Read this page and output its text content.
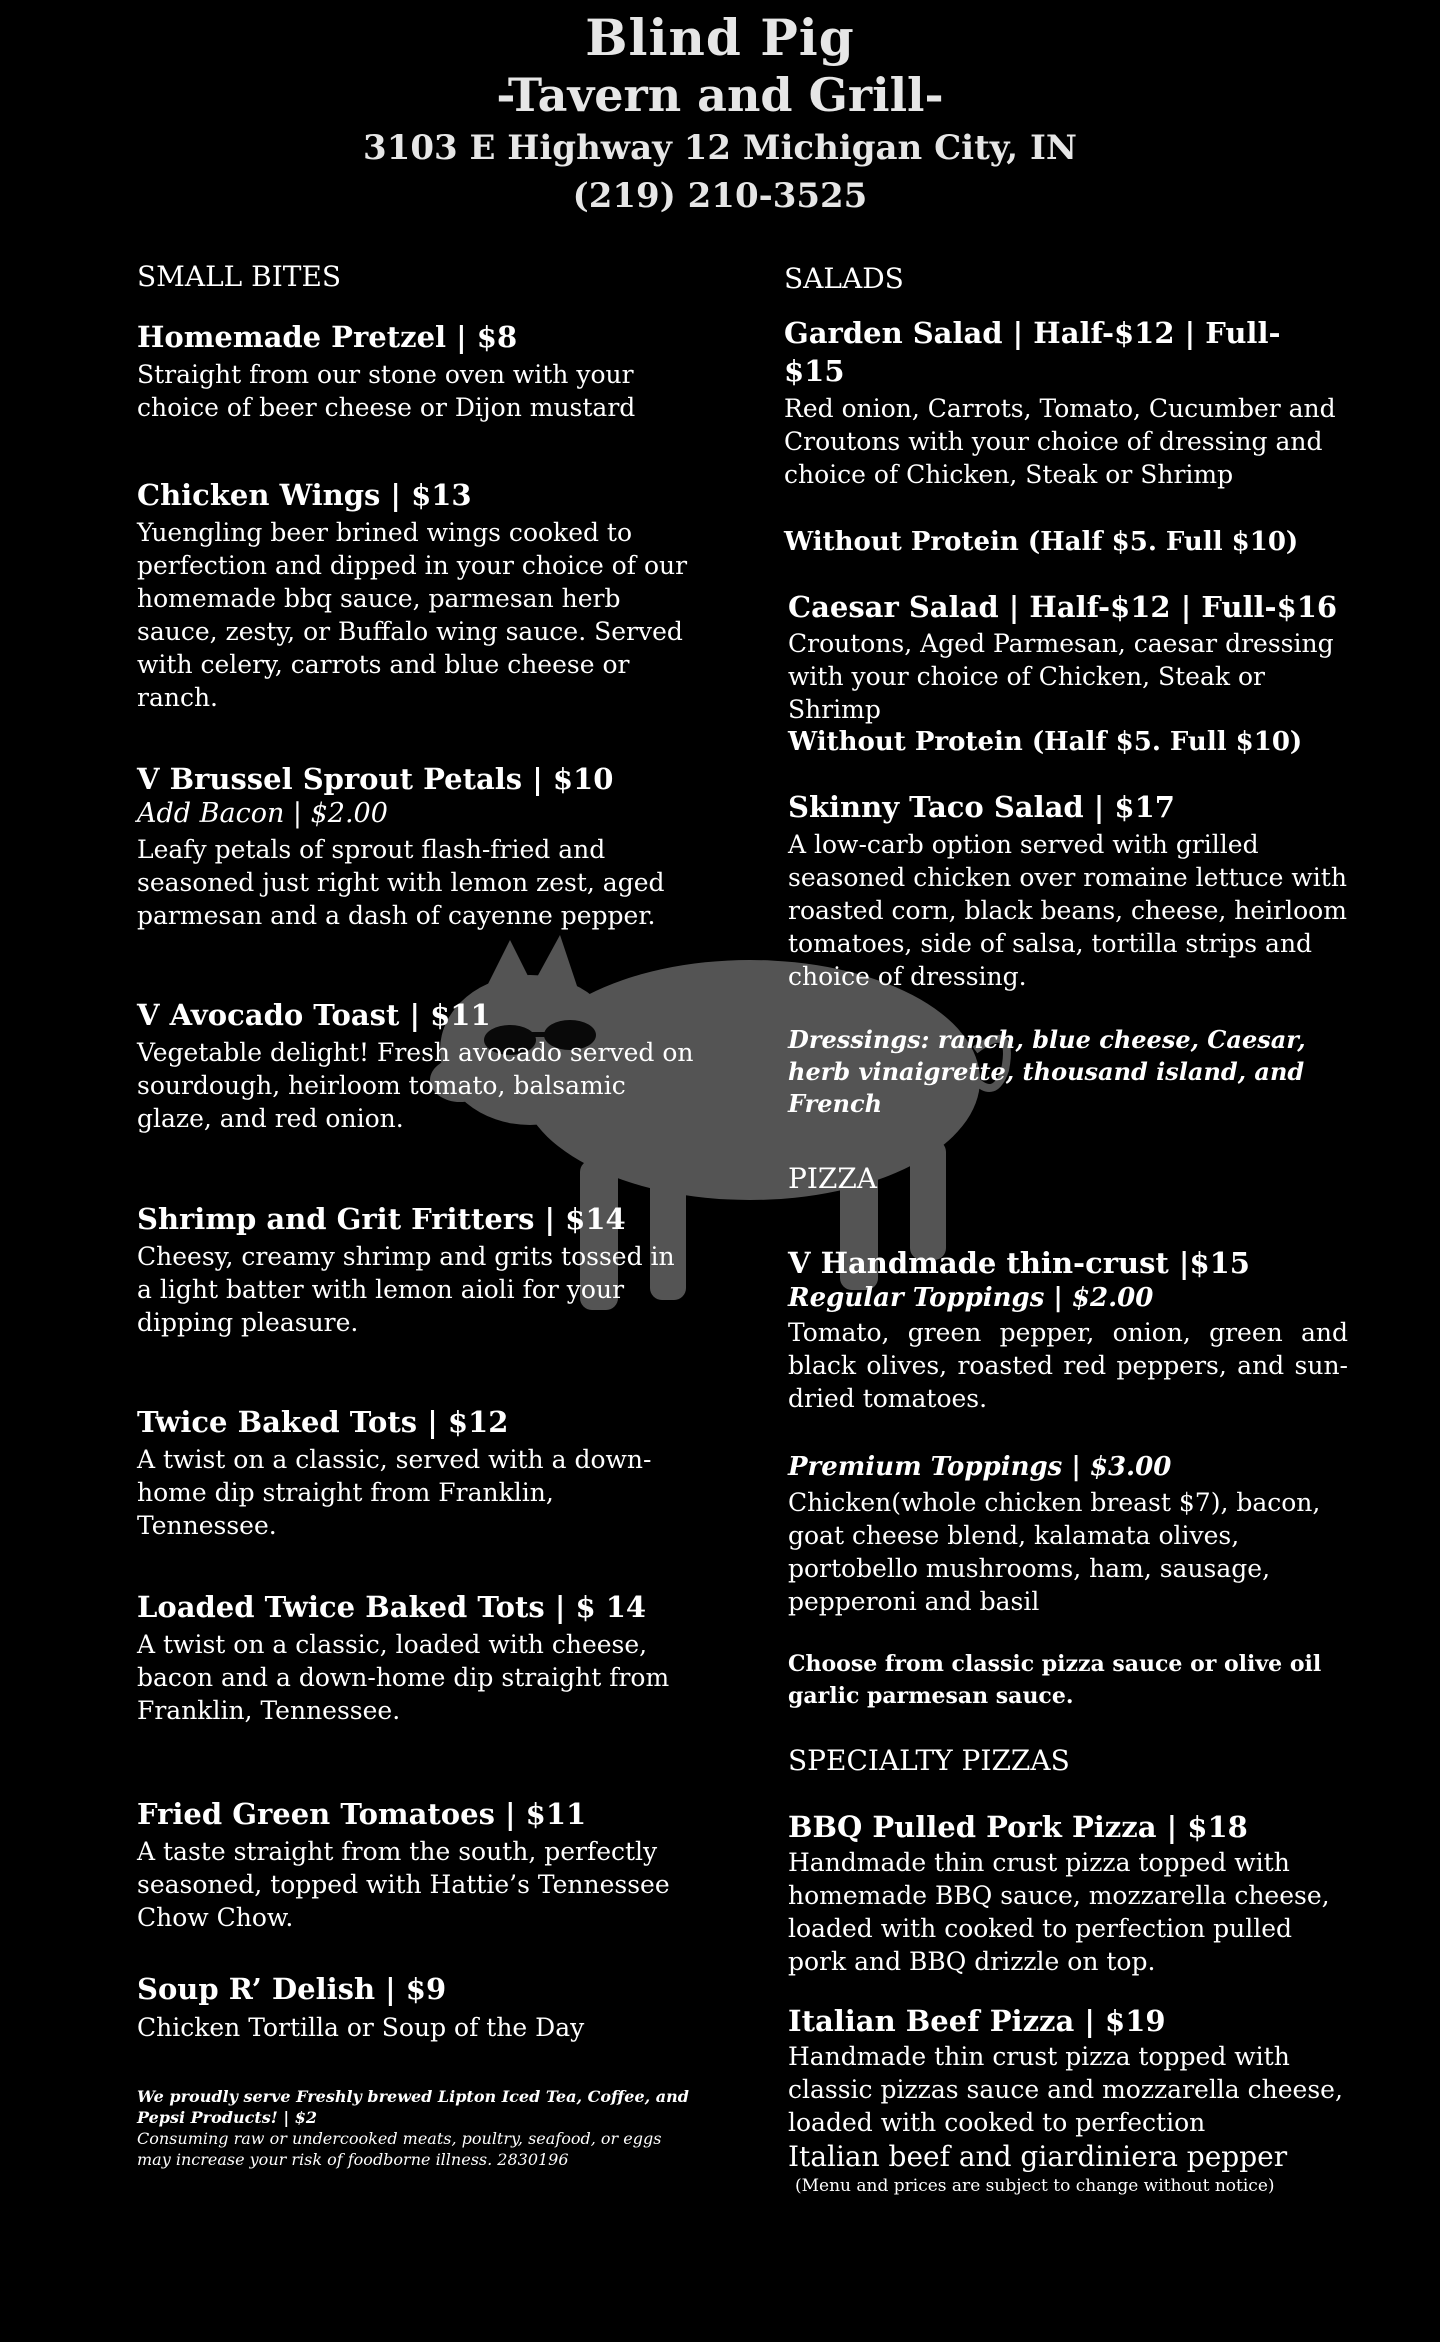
Blind Pig
-Tavern and Grill-
3103 E Highway 12 Michigan City, IN
(219) 210-3525
SMALL BITES
Homemade Pretzel | $8
Straight from our stone oven with your choice of beer cheese or Dijon mustard
Chicken Wings | $13
Yuengling beer brined wings cooked to perfection and dipped in your choice of our homemade bbq sauce, parmesan herb sauce, zesty, or Buffalo wing sauce. Served with celery, carrots and blue cheese or ranch.
V Brussel Sprout Petals | $10
Add Bacon | $2.00
Leafy petals of sprout flash-fried and seasoned just right with lemon zest, aged parmesan and a dash of cayenne pepper.
V Avocado Toast | $11
Vegetable delight! Fresh avocado served on sourdough, heirloom tomato, balsamic glaze, and red onion.
Shrimp and Grit Fritters | $14
Cheesy, creamy shrimp and grits tossed in a light batter with lemon aioli for your dipping pleasure.
Twice Baked Tots | $12
A twist on a classic, served with a down-home dip straight from Franklin, Tennessee.
Loaded Twice Baked Tots | $ 14
A twist on a classic, loaded with cheese, bacon and a down-home dip straight from Franklin, Tennessee.
Fried Green Tomatoes | $11
A taste straight from the south, perfectly seasoned, topped with Hattie’s Tennessee Chow Chow.
Soup R’ Delish | $9
Chicken Tortilla or Soup of the Day
We proudly serve Freshly brewed Lipton Iced Tea, Coffee, and Pepsi Products! | $2
Consuming raw or undercooked meats, poultry, seafood, or eggs may increase your risk of foodborne illness. 2830196
SALADS
Garden Salad | Half-$12 | Full-
$15
Red onion, Carrots, Tomato, Cucumber and Croutons with your choice of dressing and choice of Chicken, Steak or Shrimp
Without Protein (Half $5. Full $10)
Caesar Salad | Half-$12 | Full-$16
Croutons, Aged Parmesan, caesar dressing with your choice of Chicken, Steak or Shrimp
Without Protein (Half $5. Full $10)
Skinny Taco Salad | $17
A low-carb option served with grilled seasoned chicken over romaine lettuce with roasted corn, black beans, cheese, heirloom tomatoes, side of salsa, tortilla strips and choice of dressing.
Dressings: ranch, blue cheese, Caesar, herb vinaigrette, thousand island, and French
PIZZA
V Handmade thin-crust |$15
Regular Toppings | $2.00
Tomato, green pepper, onion, green and black olives, roasted red peppers, and sun-dried tomatoes.
Premium Toppings | $3.00
Chicken(whole chicken breast $7), bacon, goat cheese blend, kalamata olives, portobello mushrooms, ham, sausage, pepperoni and basil
Choose from classic pizza sauce or olive oil garlic parmesan sauce.
SPECIALTY PIZZAS
BBQ Pulled Pork Pizza | $18
Handmade thin crust pizza topped with homemade BBQ sauce, mozzarella cheese, loaded with cooked to perfection pulled pork and BBQ drizzle on top.
Italian Beef Pizza | $19
Handmade thin crust pizza topped with classic pizzas sauce and mozzarella cheese, loaded with cooked to perfection
Italian beef and giardiniera pepper
(Menu and prices are subject to change without notice)
